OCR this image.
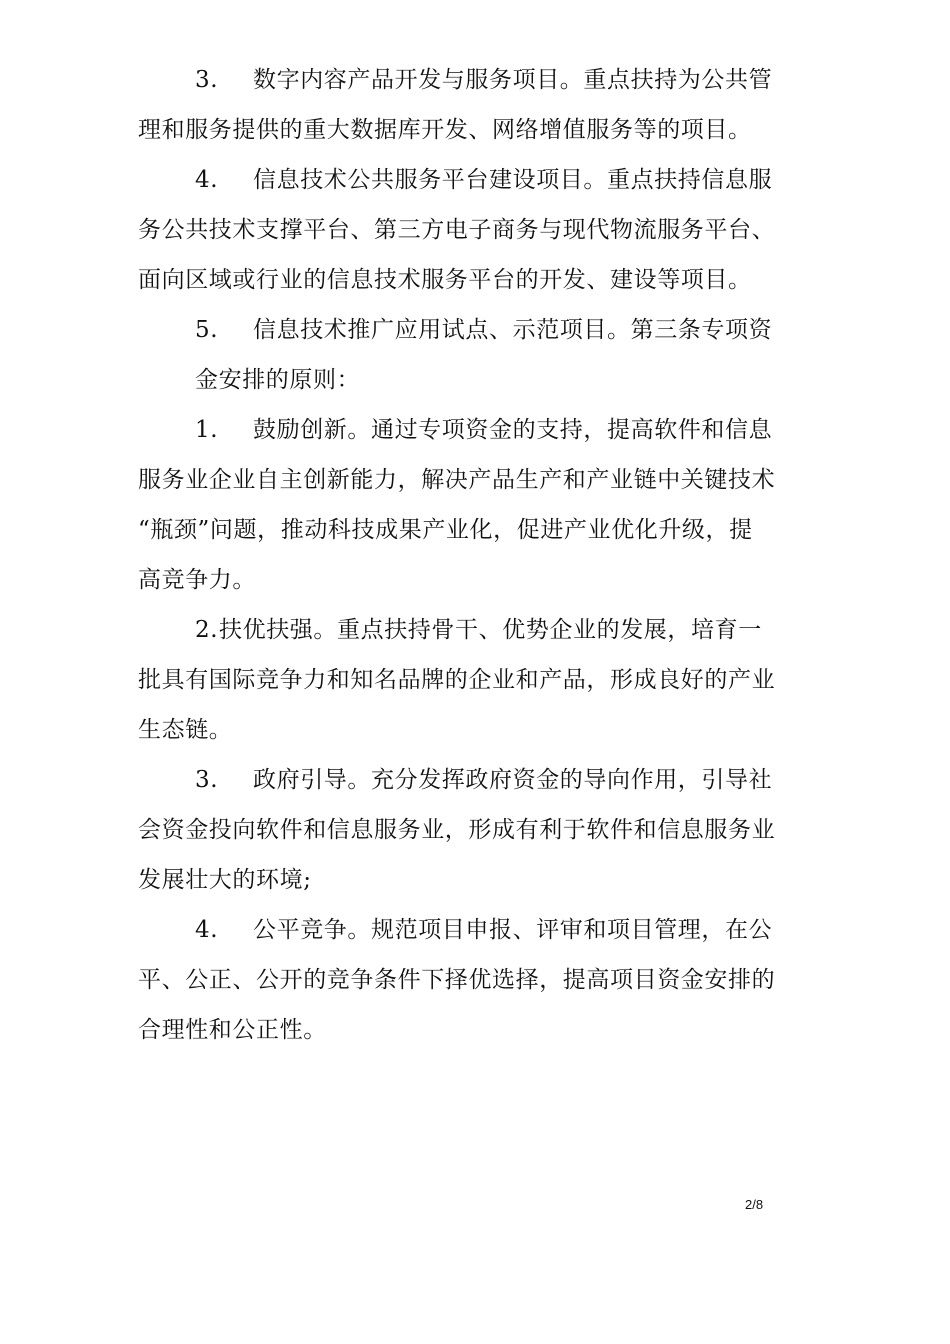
3. 数字内容产品开发与服务项目。重点扶持为公共管
理和服务提供的重大数据库开发、网络增值服务等的项目。
4. 信息技术公共服务平台建设项目。重点扶持信息服
务公共技术支撑平台、第三方电子商务与现代物流服务平台、
面向区域或行业的信息技术服务平台的开发、建设等项目。
5. 信息技术推广应用试点、示范项目。第三条专项资
金安排的原则：
1. 鼓励创新。通过专项资金的支持，提高软件和信息
服务业企业自主创新能力，解决产品生产和产业链中关键技术
“瓶颈”问题，推动科技成果产业化，促进产业优化升级，提
高竞争力。
2.扶优扶强。重点扶持骨干、优势企业的发展，培育一
批具有国际竞争力和知名品牌的企业和产品，形成良好的产业
生态链。
3. 政府引导。充分发挥政府资金的导向作用，引导社
会资金投向软件和信息服务业，形成有利于软件和信息服务业
发展壮大的环境;
4. 公平竞争。规范项目申报、评审和项目管理，在公
平、公正、公开的竞争条件下择优选择，提高项目资金安排的
合理性和公正性。
2/8
